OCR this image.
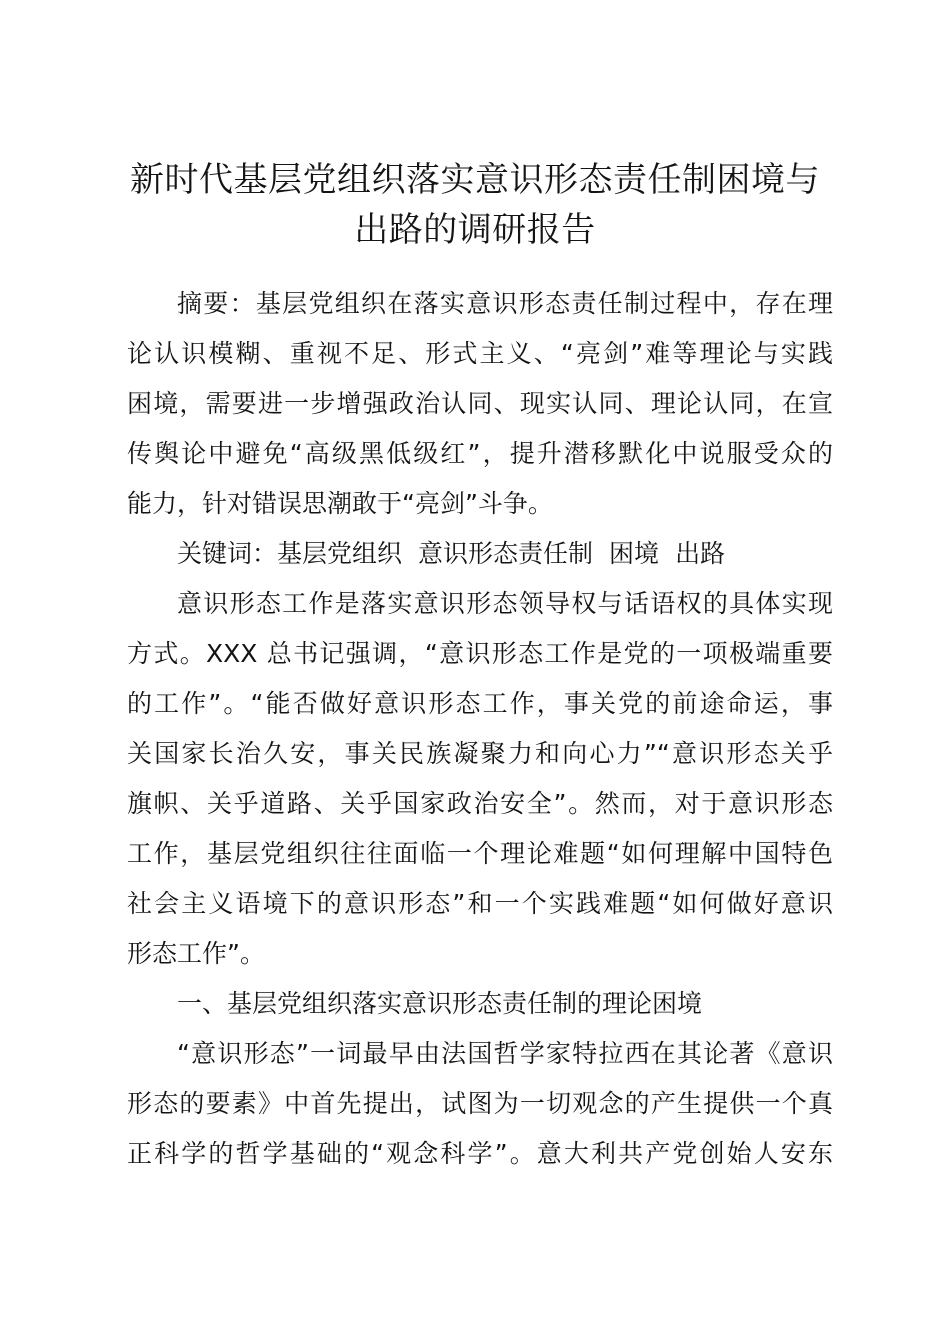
新时代基层党组织落实意识形态责任制困境与
出路的调研报告
摘要：基层党组织在落实意识形态责任制过程中，存在理
论认识模糊、重视不足、形式主义、“亮剑”难等理论与实践
困境，需要进一步增强政治认同、现实认同、理论认同，在宣
传舆论中避免“高级黑低级红”，提升潜移默化中说服受众的
能力，针对错误思潮敢于“亮剑”斗争。
关键词：基层党组织 意识形态责任制 困境 出路
意识形态工作是落实意识形态领导权与话语权的具体实现
方式。XXX 总书记强调，“意识形态工作是党的一项极端重要
的工作”。“能否做好意识形态工作，事关党的前途命运，事
关国家长治久安，事关民族凝聚力和向心力”“意识形态关乎
旗帜、关乎道路、关乎国家政治安全”。然而，对于意识形态
工作，基层党组织往往面临一个理论难题“如何理解中国特色
社会主义语境下的意识形态”和一个实践难题“如何做好意识
形态工作”。
一、基层党组织落实意识形态责任制的理论困境
“意识形态”一词最早由法国哲学家特拉西在其论著《意识
形态的要素》中首先提出，试图为一切观念的产生提供一个真
正科学的哲学基础的“观念科学”。意大利共产党创始人安东
